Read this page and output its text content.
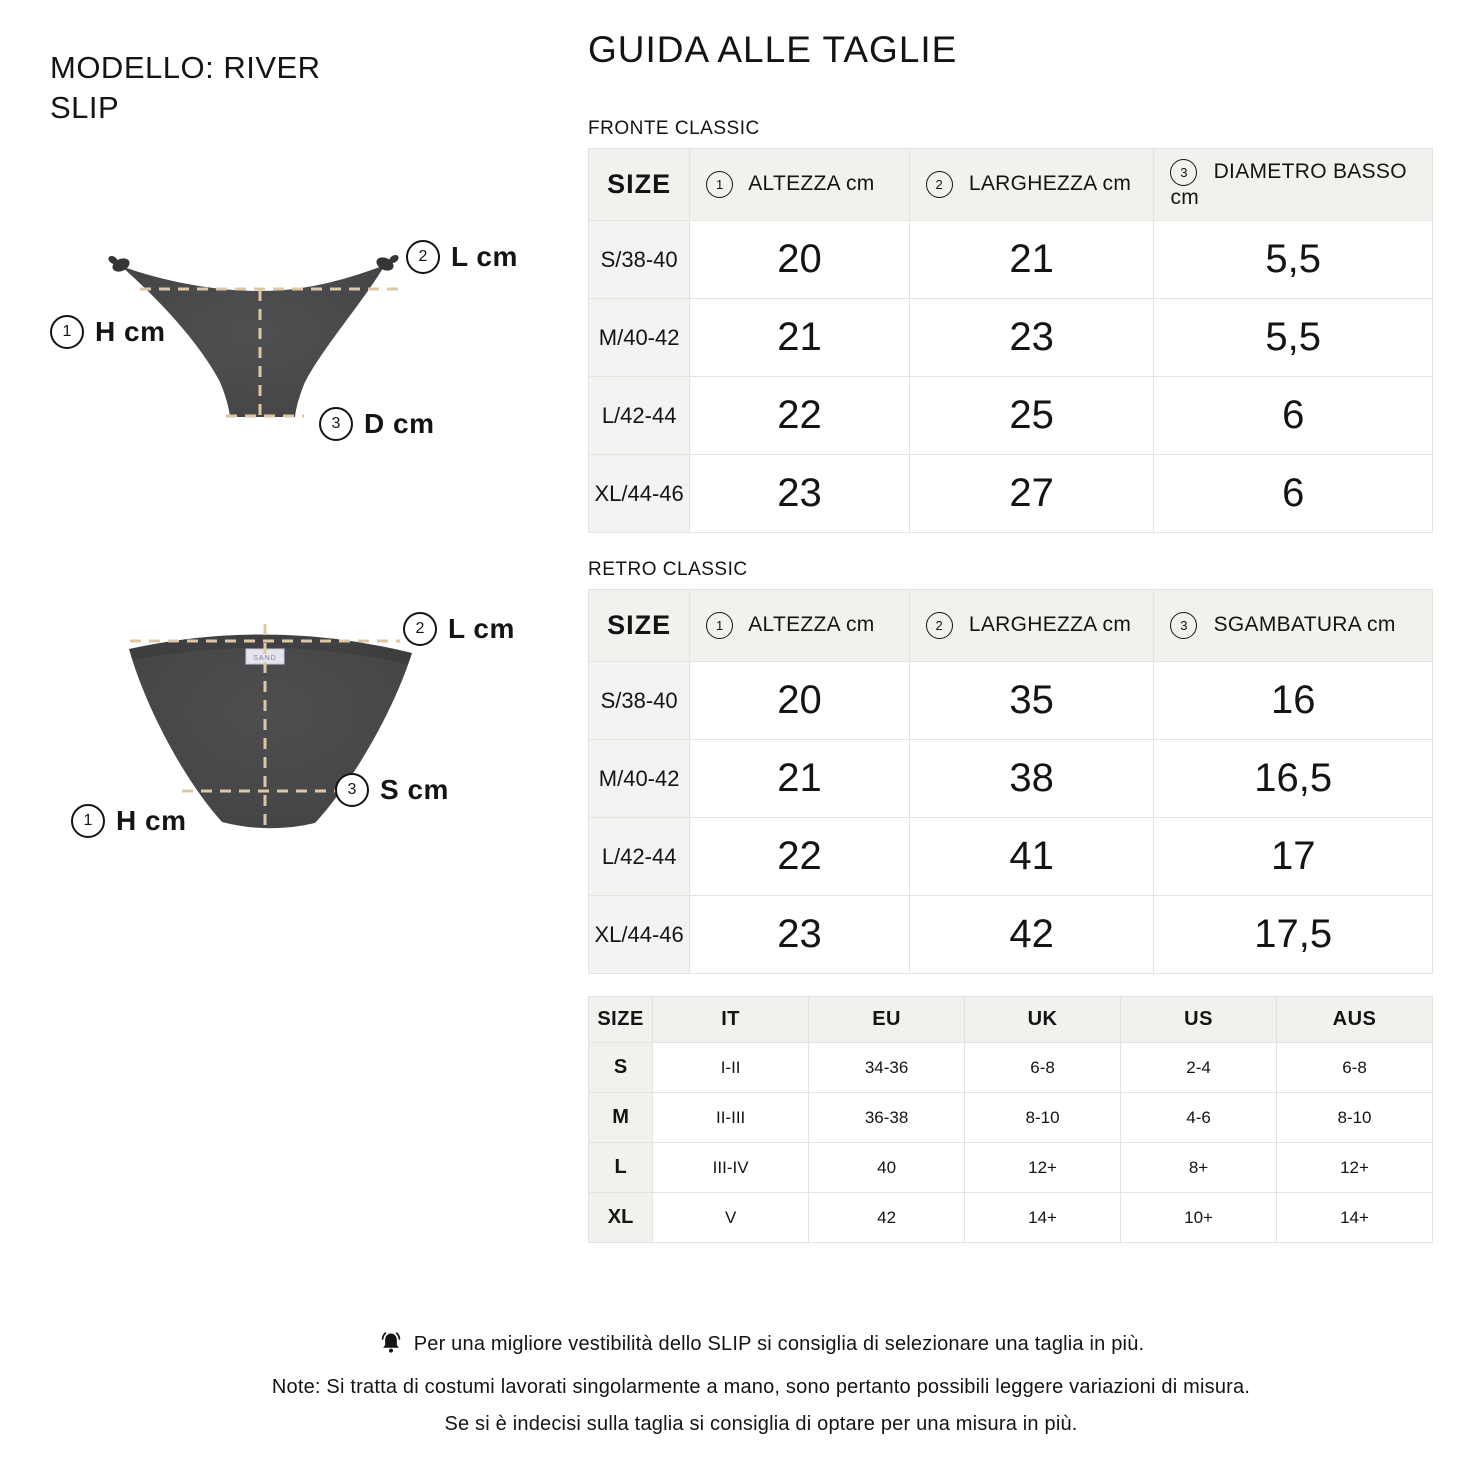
MODELLO: RIVER
SLIP
2 L cm
1 H cm
3 D cm
SAND
2 L cm
3 S cm
1 H cm
GUIDA ALLE TAGLIE
FRONTE CLASSIC
SIZE	1 ALTEZZA cm	2 LARGHEZZA cm	3 DIAMETRO BASSO cm
S/38-40	20	21	5,5
M/40-42	21	23	5,5
L/42-44	22	25	6
XL/44-46	23	27	6
RETRO CLASSIC
SIZE	1 ALTEZZA cm	2 LARGHEZZA cm	3 SGAMBATURA cm
S/38-40	20	35	16
M/40-42	21	38	16,5
L/42-44	22	41	17
XL/44-46	23	42	17,5
SIZE	IT	EU	UK	US	AUS
S	I-II	34-36	6-8	2-4	6-8
M	II-III	36-38	8-10	4-6	8-10
L	III-IV	40	12+	8+	12+
XL	V	42	14+	10+	14+
Per una migliore vestibilità dello SLIP si consiglia di selezionare una taglia in più.
Note: Si tratta di costumi lavorati singolarmente a mano, sono pertanto possibili leggere variazioni di misura.
Se si è indecisi sulla taglia si consiglia di optare per una misura in più.
